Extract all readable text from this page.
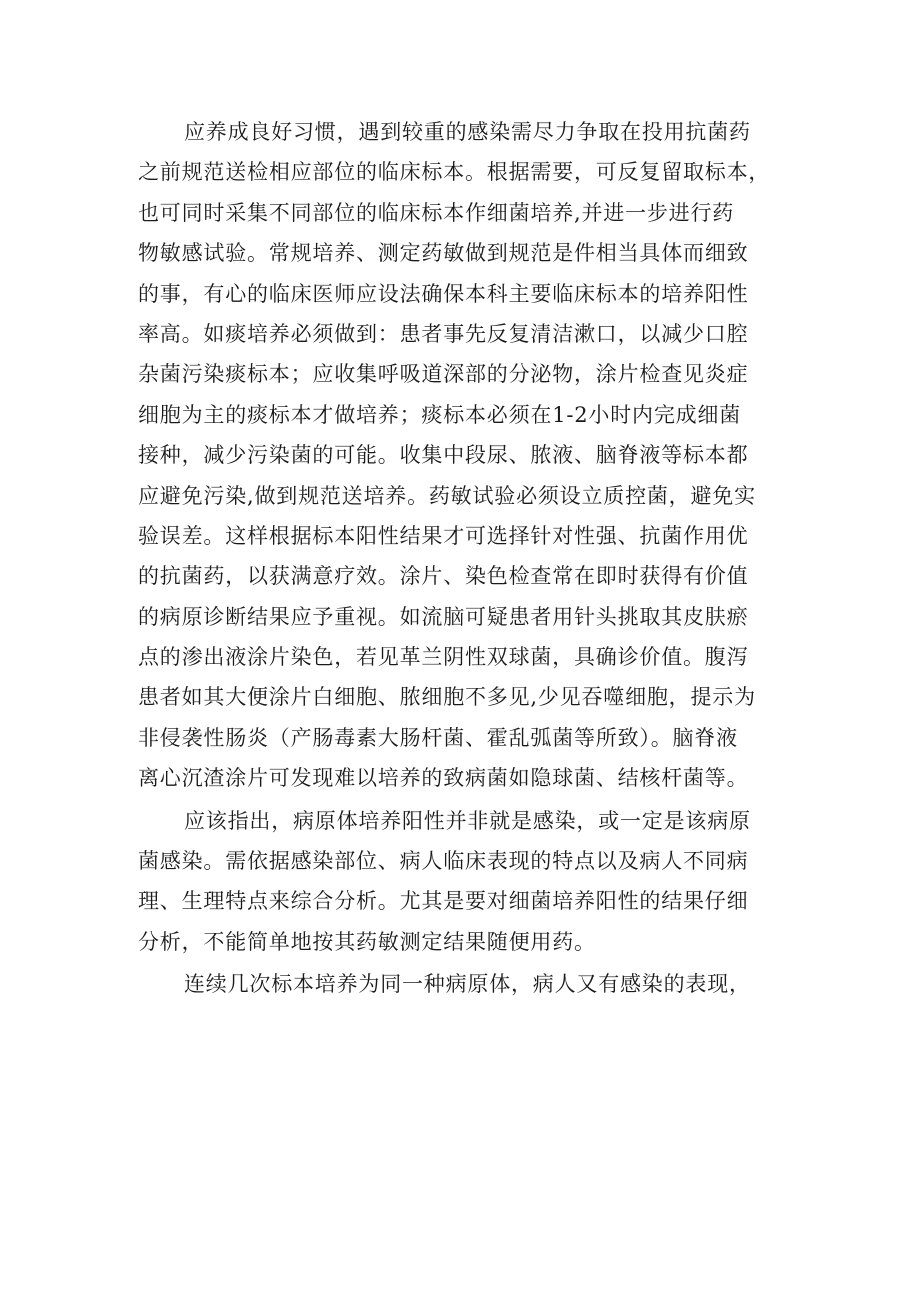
应养成良好习惯，遇到较重的感染需尽力争取在投用抗菌药
之前规范送检相应部位的临床标本。根据需要，可反复留取标本，
也可同时采集不同部位的临床标本作细菌培养,并进一步进行药
物敏感试验。常规培养、测定药敏做到规范是件相当具体而细致
的事，有心的临床医师应设法确保本科主要临床标本的培养阳性
率高。如痰培养必须做到：患者事先反复清洁漱口，以减少口腔
杂菌污染痰标本；应收集呼吸道深部的分泌物，涂片检查见炎症
细胞为主的痰标本才做培养；痰标本必须在1-2小时内完成细菌
接种，减少污染菌的可能。收集中段尿、脓液、脑脊液等标本都
应避免污染,做到规范送培养。药敏试验必须设立质控菌，避免实
验误差。这样根据标本阳性结果才可选择针对性强、抗菌作用优
的抗菌药，以获满意疗效。涂片、染色检查常在即时获得有价值
的病原诊断结果应予重视。如流脑可疑患者用针头挑取其皮肤瘀
点的渗出液涂片染色，若见革兰阴性双球菌，具确诊价值。腹泻
患者如其大便涂片白细胞、脓细胞不多见,少见吞噬细胞，提示为
非侵袭性肠炎（产肠毒素大肠杆菌、霍乱弧菌等所致）。脑脊液
离心沉渣涂片可发现难以培养的致病菌如隐球菌、结核杆菌等。
应该指出，病原体培养阳性并非就是感染，或一定是该病原
菌感染。需依据感染部位、病人临床表现的特点以及病人不同病
理、生理特点来综合分析。尤其是要对细菌培养阳性的结果仔细
分析，不能简单地按其药敏测定结果随便用药。
连续几次标本培养为同一种病原体，病人又有感染的表现，
